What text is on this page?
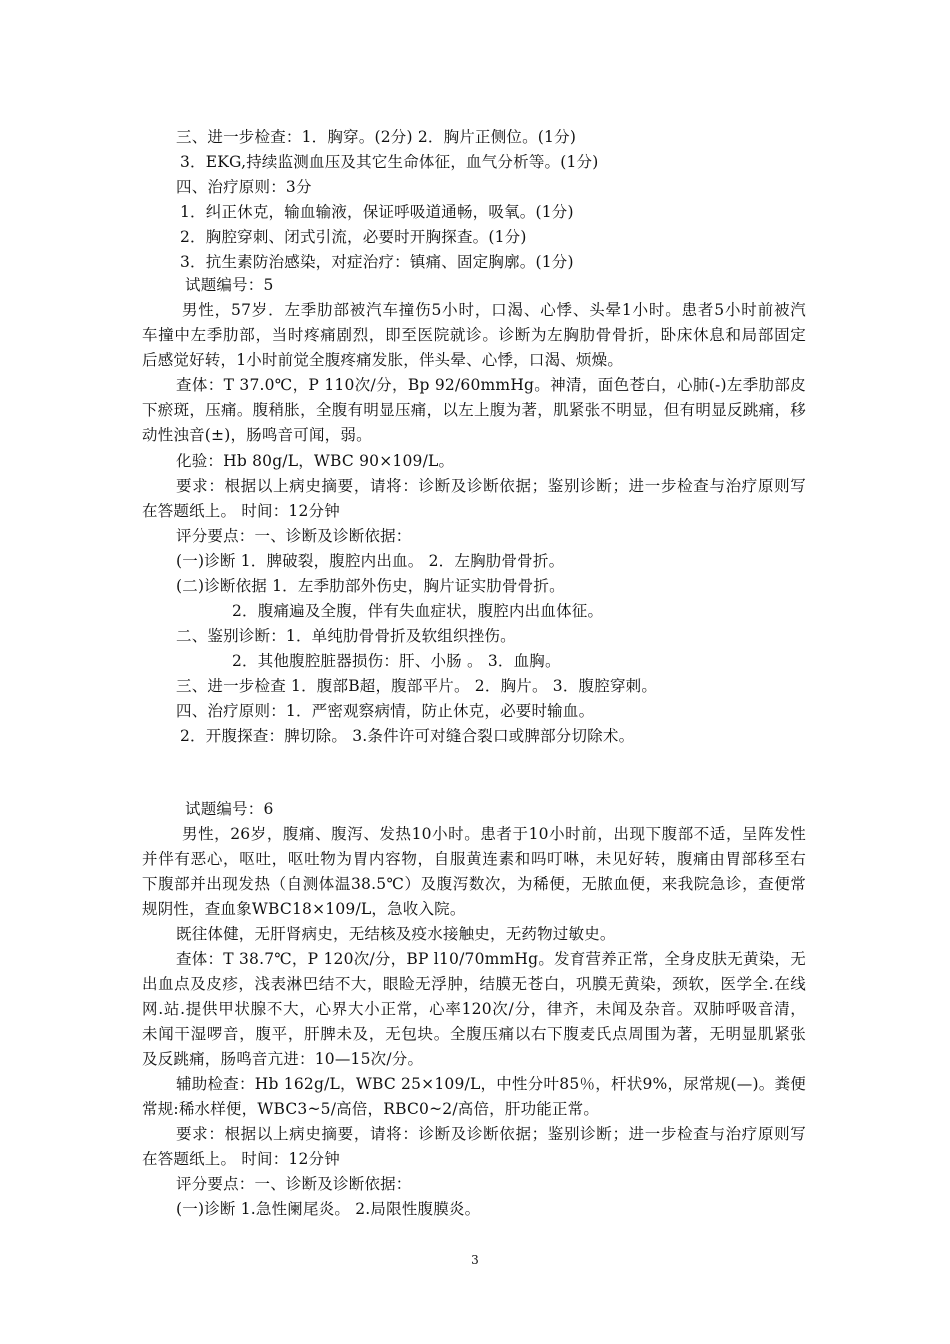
三、进一步检查：1．胸穿。(2分) 2．胸片正侧位。(1分)
3．EKG,持续监测血压及其它生命体征，血气分析等。(1分)
四、治疗原则：3分
1．纠正休克，输血输液，保证呼吸道通畅，吸氧。(1分)
2．胸腔穿刺、闭式引流，必要时开胸探查。(1分)
3．抗生素防治感染，对症治疗：镇痛、固定胸廓。(1分)
试题编号：5
男性，57岁．左季肋部被汽车撞伤5小时，口渴、心悸、头晕1小时。患者5小时前被汽
车撞中左季肋部，当时疼痛剧烈，即至医院就诊。诊断为左胸肋骨骨折，卧床休息和局部固定
后感觉好转，1小时前觉全腹疼痛发胀，伴头晕、心悸，口渴、烦燥。
查体：T 37.0℃，P 110次/分，Bp 92/60mmHg。神清，面色苍白，心肺(-)左季肋部皮
下瘀斑，压痛。腹稍胀，全腹有明显压痛，以左上腹为著，肌紧张不明显，但有明显反跳痛，移
动性浊音(±)，肠鸣音可闻，弱。
化验：Hb 80g/L，WBC 90×109/L。
要求：根据以上病史摘要，请将：诊断及诊断依据；鉴别诊断；进一步检查与治疗原则写
在答题纸上。 时间：12分钟
评分要点：一、诊断及诊断依据：
(一)诊断 1．脾破裂，腹腔内出血。 2．左胸肋骨骨折。
(二)诊断依据 1．左季肋部外伤史，胸片证实肋骨骨折。
2．腹痛遍及全腹，伴有失血症状，腹腔内出血体征。
二、鉴别诊断：1．单纯肋骨骨折及软组织挫伤。
2．其他腹腔脏器损伤：肝、小肠 。 3．血胸。
三、进一步检查 1．腹部B超，腹部平片。 2．胸片。 3．腹腔穿刺。
四、治疗原则：1．严密观察病情，防止休克，必要时输血。
2．开腹探查：脾切除。 3.条件许可对缝合裂口或脾部分切除术。
试题编号：6
男性，26岁，腹痛、腹泻、发热10小时。患者于10小时前，出现下腹部不适，呈阵发性
并伴有恶心，呕吐，呕吐物为胃内容物，自服黄连素和吗叮啉，未见好转，腹痛由胃部移至右
下腹部并出现发热（自测体温38.5℃）及腹泻数次，为稀便，无脓血便，来我院急诊，查便常
规阴性，查血象WBC18×109/L，急收入院。
既往体健，无肝肾病史，无结核及疫水接触史，无药物过敏史。
查体：T 38.7℃，P 120次/分，BP l10/70mmHg。发育营养正常，全身皮肤无黄染，无
出血点及皮疹，浅表淋巴结不大，眼睑无浮肿，结膜无苍白，巩膜无黄染，颈软，医学全.在线
网.站.提供甲状腺不大，心界大小正常，心率120次/分，律齐，未闻及杂音。双肺呼吸音清，
未闻干湿啰音，腹平，肝脾未及，无包块。全腹压痛以右下腹麦氏点周围为著，无明显肌紧张
及反跳痛，肠鸣音亢进：10—15次/分。
辅助检查：Hb 162g/L，WBC 25×109/L，中性分叶85％，杆状9%，尿常规(—)。粪便
常规:稀水样便，WBC3~5/高倍，RBC0~2/高倍，肝功能正常。
要求：根据以上病史摘要，请将：诊断及诊断依据；鉴别诊断；进一步检查与治疗原则写
在答题纸上。 时间：12分钟
评分要点：一、诊断及诊断依据：
(一)诊断 1.急性阑尾炎。 2.局限性腹膜炎。
3
